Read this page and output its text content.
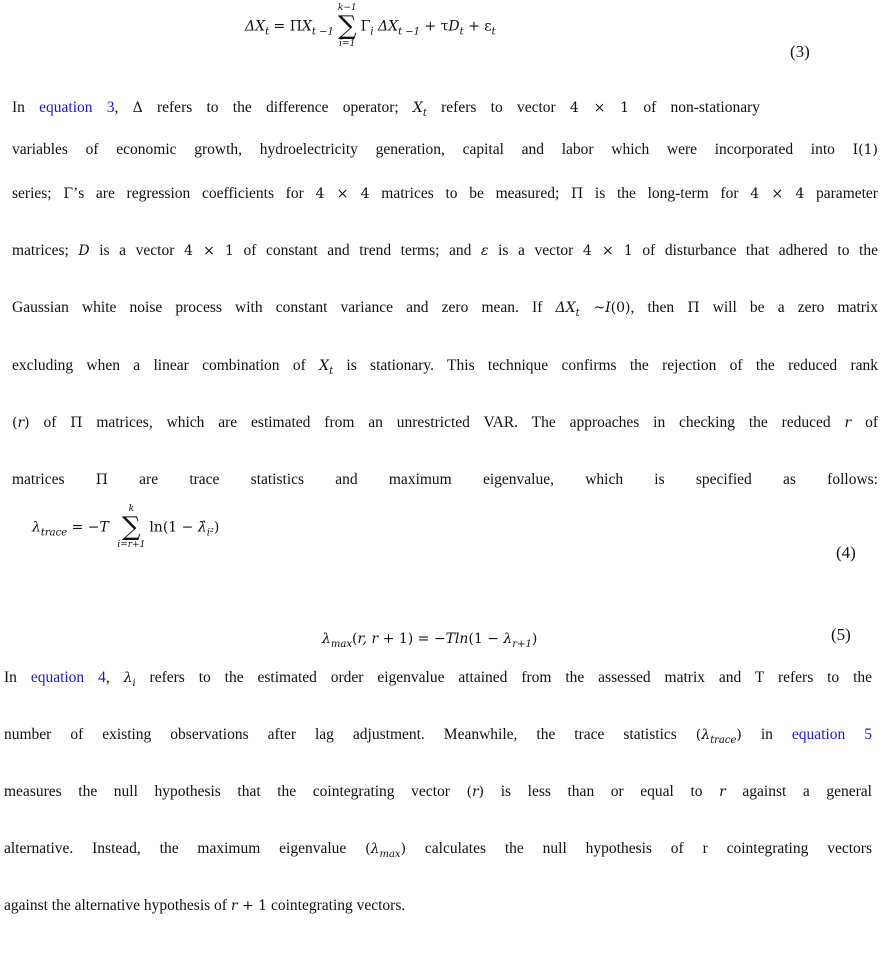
$\Delta X_t = \Pi X_{t -1}$
k−1
∑
i=1
$\Gamma_i$ $\Delta X_{t -1} + \tau D_t + \varepsilon_t$
(3)
In equation 3, Δ refers to the difference operator; $X_t$ refers to vector 4 × 1 of non-stationary
variables of economic growth, hydroelectricity generation, capital and labor which were incorporated into I(1)
series; Γ’s are regression coefficients for 4 × 4 matrices to be measured; Π is the long-term for 4 × 4 parameter
matrices; D is a vector 4 × 1 of constant and trend terms; and ε is a vector 4 × 1 of disturbance that adhered to the
Gaussian white noise process with constant variance and zero mean. If $\Delta X_t$ ~I(0), then Π will be a zero matrix
excluding when a linear combination of $X_t$ is stationary. This technique confirms the rejection of the reduced rank
(r) of Π matrices, which are estimated from an unrestricted VAR. The approaches in checking the reduced r of
matrices Π are trace statistics and maximum eigenvalue, which is specified as follows:
$\lambda_{trace} = -T$
k
∑
i=r+1
$\ln(1 - \lambdâ_{i^2})$
(4)
$\lambda_{max}(r$, $r + 1) = -Tln(1 - \lambda_{r+1})$	(5)
In equation 4, $\lambda_i$ refers to the estimated order eigenvalue attained from the assessed matrix and T refers to the
number of existing observations after lag adjustment. Meanwhile, the trace statistics $(\lambda_{trace})$ in equation 5
measures the null hypothesis that the cointegrating vector (r) is less than or equal to r against a general
alternative. Instead, the maximum eigenvalue $(\lambda_{max})$ calculates the null hypothesis of r cointegrating vectors
against the alternative hypothesis of r + 1 cointegrating vectors.
